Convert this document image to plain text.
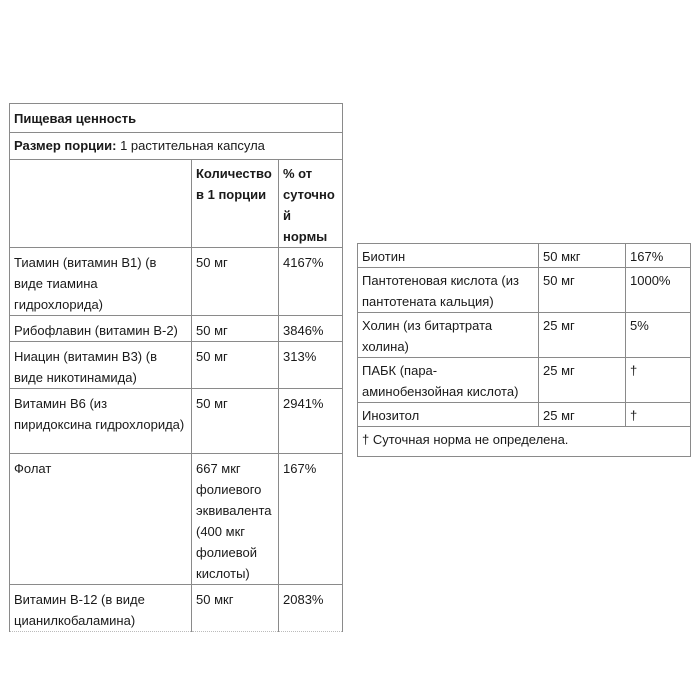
Пищевая ценность		
Размер порции: 1 растительная капсула		
	Количество в 1 порции	% от суточной нормы
Тиамин (витамин B1) (в виде тиамина гидрохлорида)	50 мг	4167%
Рибофлавин (витамин B-2)	50 мг	3846%
Ниацин (витамин B3) (в виде никотинамида)	50 мг	313%
Витамин B6 (из пиридоксина гидрохлорида)	50 мг	2941%
Фолат	667 мкг фолиевого эквивалента (400 мкг фолиевой кислоты)	167%
Витамин B-12 (в виде цианилкобаламина)	50 мкг	2083%
Биотин	50 мкг	167%
Пантотеновая кислота (из пантотената кальция)	50 мг	1000%
Холин (из битартрата холина)	25 мг	5%
ПАБК (пара-аминобензойная кислота)	25 мг	†
Инозитол	25 мг	†
† Суточная норма не определена.		
